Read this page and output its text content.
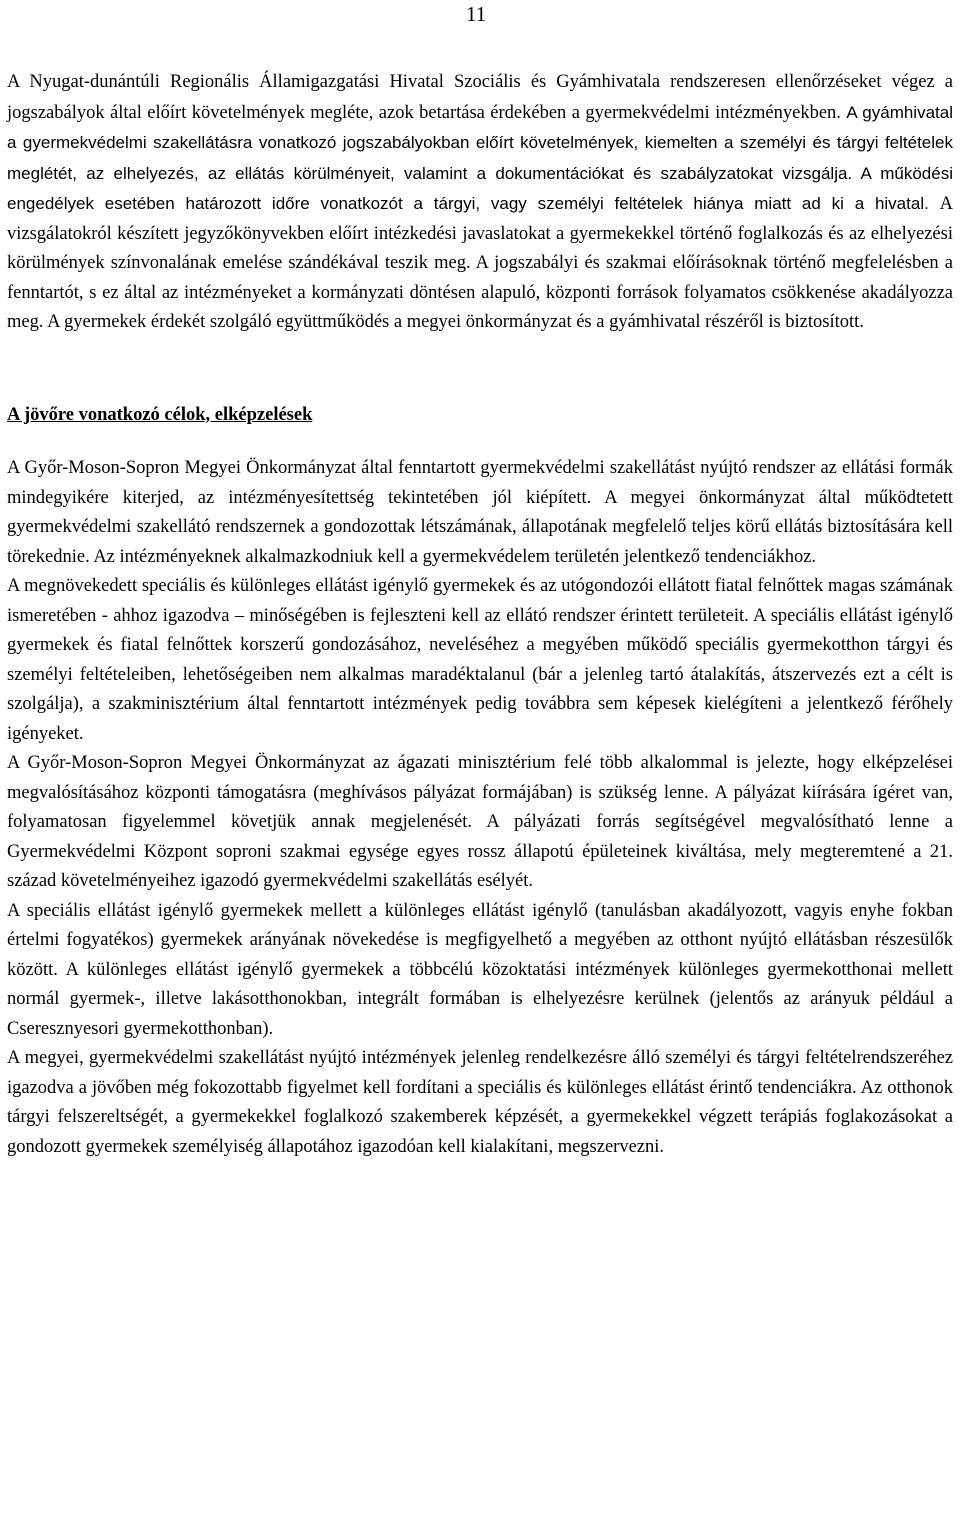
11

A Nyugat-dunántúli Regionális Államigazgatási Hivatal Szociális és Gyámhivatala rendszeresen ellenőrzéseket végez a jogszabályok által előírt követelmények megléte, azok betartása érdekében a gyermekvédelmi intézményekben. A gyámhivatal a gyermekvédelmi szakellátásra vonatkozó jogszabályokban előírt követelmények, kiemelten a személyi és tárgyi feltételek meglétét, az elhelyezés, az ellátás körülményeit, valamint a dokumentációkat és szabályzatokat vizsgálja. A működési engedélyek esetében határozott időre vonatkozót a tárgyi, vagy személyi feltételek hiánya miatt ad ki a hivatal. A vizsgálatokról készített jegyzőkönyvekben előírt intézkedési javaslatokat a gyermekekkel történő foglalkozás és az elhelyezési körülmények színvonalának emelése szándékával teszik meg. A jogszabályi és szakmai előírásoknak történő megfelelésben a fenntartót, s ez által az intézményeket a kormányzati döntésen alapuló, központi források folyamatos csökkenése akadályozza meg. A gyermekek érdekét szolgáló együttműködés a megyei önkormányzat és a gyámhivatal részéről is biztosított.

A jövőre vonatkozó célok, elképzelések

A Győr-Moson-Sopron Megyei Önkormányzat által fenntartott gyermekvédelmi szakellátást nyújtó rendszer az ellátási formák mindegyikére kiterjed, az intézményesítettség tekintetében jól kiépített. A megyei önkormányzat által működtetett gyermekvédelmi szakellátó rendszernek a gondozottak létszámának, állapotának megfelelő teljes körű ellátás biztosítására kell törekednie. Az intézményeknek alkalmazkodniuk kell a gyermekvédelem területén jelentkező tendenciákhoz.

A megnövekedett speciális és különleges ellátást igénylő gyermekek és az utógondozói ellátott fiatal felnőttek magas számának ismeretében - ahhoz igazodva – minőségében is fejleszteni kell az ellátó rendszer érintett területeit. A speciális ellátást igénylő gyermekek és fiatal felnőttek korszerű gondozásához, neveléséhez a megyében működő speciális gyermekotthon tárgyi és személyi feltételeiben, lehetőségeiben nem alkalmas maradéktalanul (bár a jelenleg tartó átalakítás, átszervezés ezt a célt is szolgálja), a szakminisztérium által fenntartott intézmények pedig továbbra sem képesek kielégíteni a jelentkező férőhely igényeket.

A Győr-Moson-Sopron Megyei Önkormányzat az ágazati minisztérium felé több alkalommal is jelezte, hogy elképzelései megvalósításához központi támogatásra (meghívásos pályázat formájában) is szükség lenne. A pályázat kiírására ígéret van, folyamatosan figyelemmel követjük annak megjelenését. A pályázati forrás segítségével megvalósítható lenne a Gyermekvédelmi Központ soproni szakmai egysége egyes rossz állapotú épületeinek kiváltása, mely megteremtené a 21. század követelményeihez igazodó gyermekvédelmi szakellátás esélyét.

A speciális ellátást igénylő gyermekek mellett a különleges ellátást igénylő (tanulásban akadályozott, vagyis enyhe fokban értelmi fogyatékos) gyermekek arányának növekedése is megfigyelhető a megyében az otthont nyújtó ellátásban részesülők között. A különleges ellátást igénylő gyermekek a többcélú közoktatási intézmények különleges gyermekotthonai mellett normál gyermek-, illetve lakásotthonokban, integrált formában is elhelyezésre kerülnek (jelentős az arányuk például a Cseresznyesori gyermekotthonban).

A megyei, gyermekvédelmi szakellátást nyújtó intézmények jelenleg rendelkezésre álló személyi és tárgyi feltételrendszeréhez igazodva a jövőben még fokozottabb figyelmet kell fordítani a speciális és különleges ellátást érintő tendenciákra. Az otthonok tárgyi felszereltségét, a gyermekekkel foglalkozó szakemberek képzését, a gyermekekkel végzett terápiás foglakozásokat a gondozott gyermekek személyiség állapotához igazodóan kell kialakítani, megszervezni.
